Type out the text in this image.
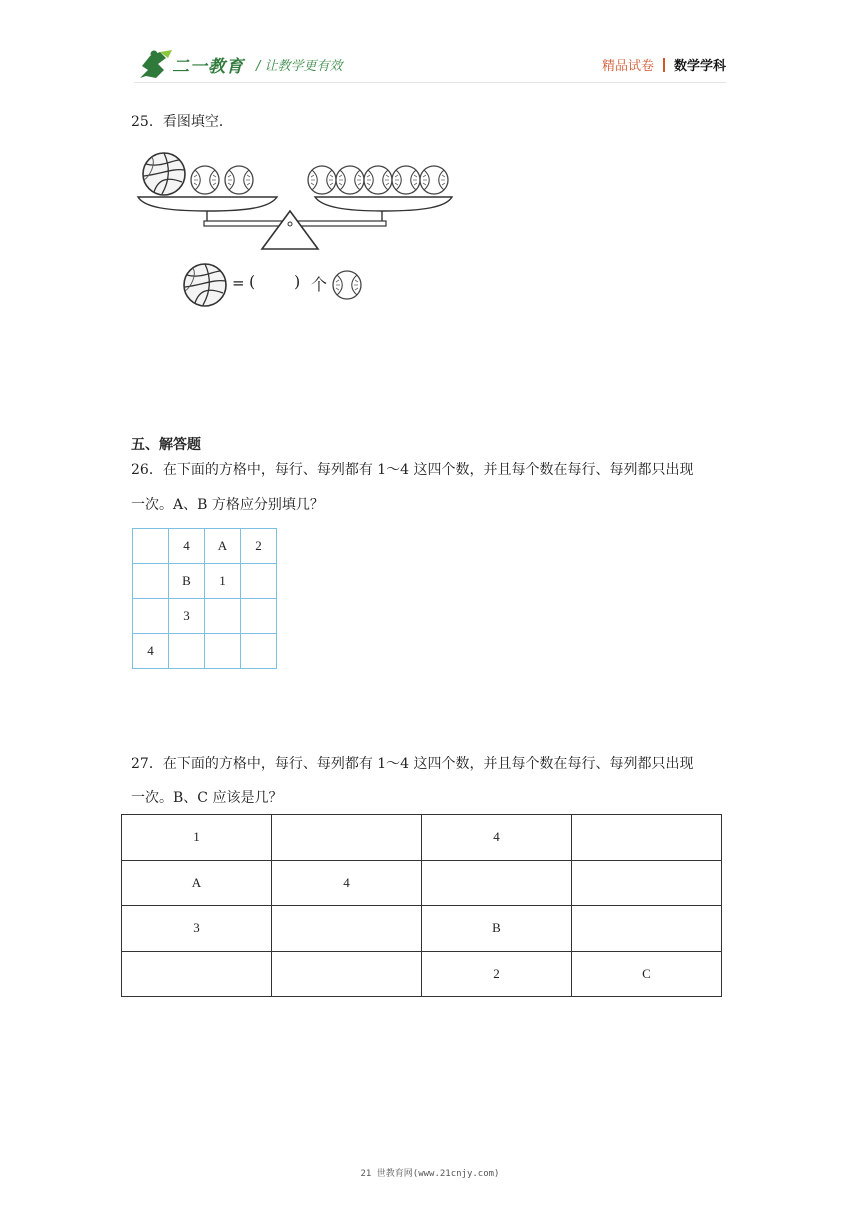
二一教育 / 让教学更有效	精品试卷 数学学科
25．看图填空．
= ( ) 个
五、解答题
26．在下面的方格中，每行、每列都有 1～4 这四个数，并且每个数在每行、每列都只出现
一次。A、B 方格应分别填几？
	4	A	2
	B	1	
	3		
4			
27．在下面的方格中，每行、每列都有 1～4 这四个数，并且每个数在每行、每列都只出现
一次。B、C 应该是几？
1		4	
A	4		
3		B	
		2	C
21 世教育网(www.21cnjy.com)
